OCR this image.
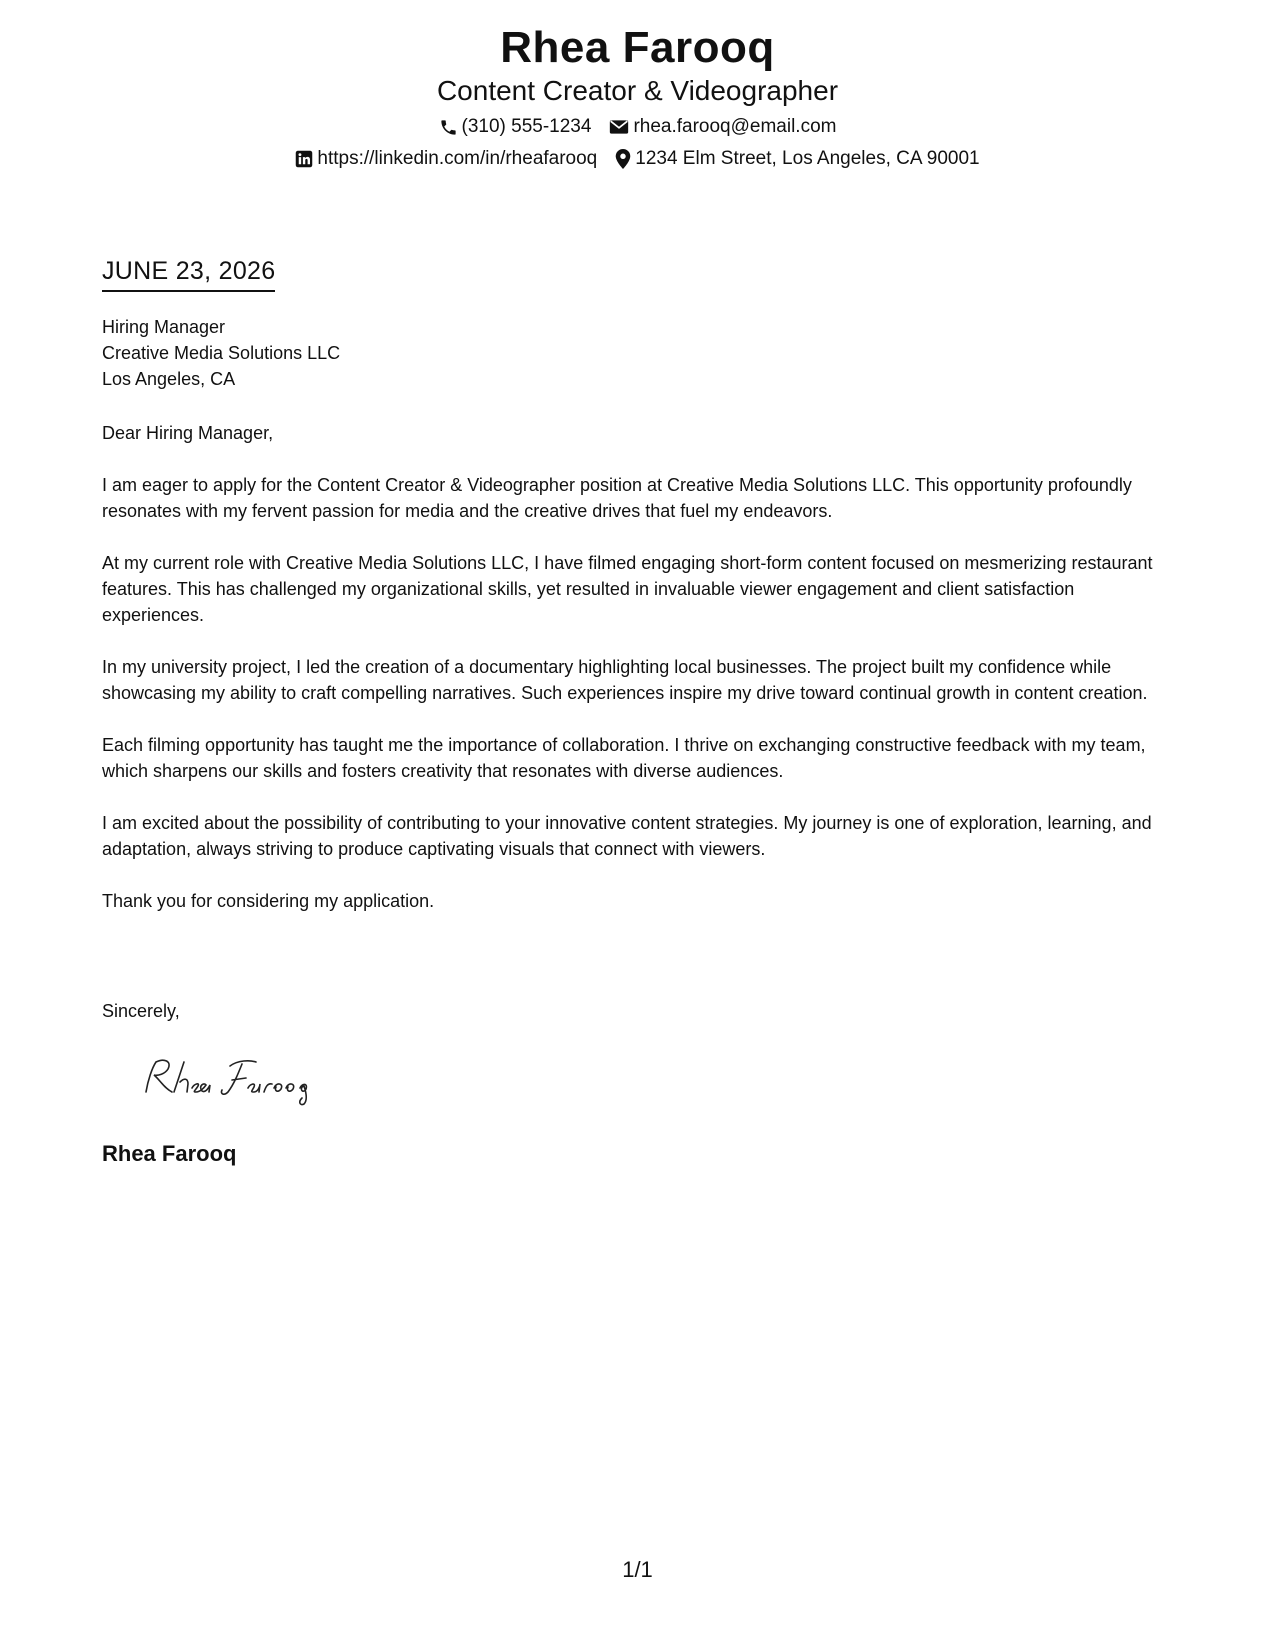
Rhea Farooq
Content Creator & Videographer
(310) 555-1234 rhea.farooq@email.com
https://linkedin.com/in/rheafarooq 1234 Elm Street, Los Angeles, CA 90001
JUNE 23, 2026
Hiring Manager
Creative Media Solutions LLC
Los Angeles, CA

Dear Hiring Manager,

I am eager to apply for the Content Creator & Videographer position at Creative Media Solutions LLC. This opportunity profoundly resonates with my fervent passion for media and the creative drives that fuel my endeavors.

At my current role with Creative Media Solutions LLC, I have filmed engaging short-form content focused on mesmerizing restaurant features. This has challenged my organizational skills, yet resulted in invaluable viewer engagement and client satisfaction experiences.

In my university project, I led the creation of a documentary highlighting local businesses. The project built my confidence while showcasing my ability to craft compelling narratives. Such experiences inspire my drive toward continual growth in content creation.

Each filming opportunity has taught me the importance of collaboration. I thrive on exchanging constructive feedback with my team, which sharpens our skills and fosters creativity that resonates with diverse audiences.

I am excited about the possibility of contributing to your innovative content strategies. My journey is one of exploration, learning, and adaptation, always striving to produce captivating visuals that connect with viewers.

Thank you for considering my application.

Sincerely,
Rhea Farooq
1/1
